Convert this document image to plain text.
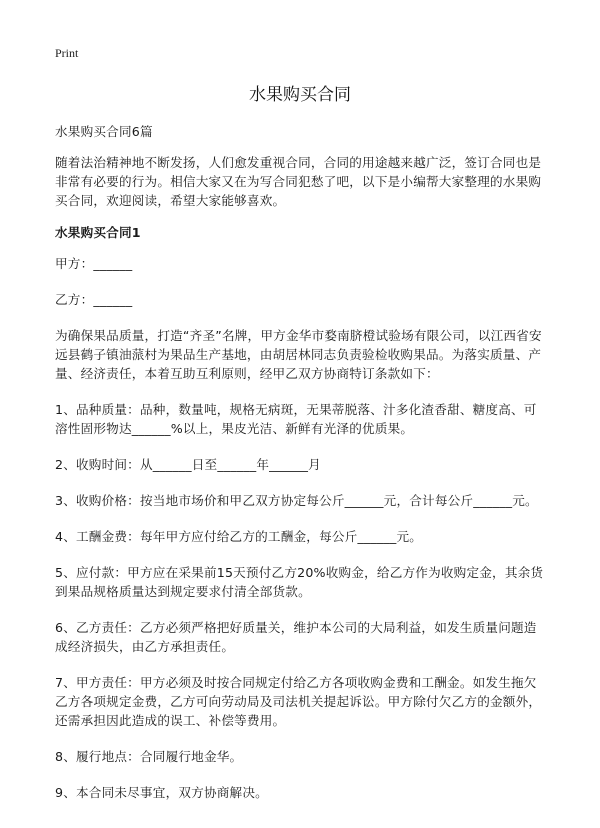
Print
水果购买合同

水果购买合同6篇

随着法治精神地不断发扬，人们愈发重视合同，合同的用途越来越广泛，签订合同也是非常有必要的行为。相信大家又在为写合同犯愁了吧，以下是小编帮大家整理的水果购买合同，欢迎阅读，希望大家能够喜欢。

水果购买合同1

甲方：______

乙方：______

为确保果品质量，打造“齐圣”名牌，甲方金华市婺南脐橙试验场有限公司，以江西省安远县鹤子镇油蒎村为果品生产基地，由胡居林同志负责验检收购果品。为落实质量、产量、经济责任，本着互助互利原则，经甲乙双方协商特订条款如下：

1、品种质量：品种，数量吨，规格无病斑，无果蒂脱落、汁多化渣香甜、糖度高、可溶性固形物达______%以上，果皮光洁、新鲜有光泽的优质果。

2、收购时间：从______日至______年______月

3、收购价格：按当地市场价和甲乙双方协定每公斤______元，合计每公斤______元。

4、工酬金费：每年甲方应付给乙方的工酬金，每公斤______元。

5、应付款：甲方应在采果前15天预付乙方20%收购金，给乙方作为收购定金，其余货到果品规格质量达到规定要求付清全部货款。

6、乙方责任：乙方必须严格把好质量关，维护本公司的大局利益，如发生质量问题造成经济损失，由乙方承担责任。

7、甲方责任：甲方必须及时按合同规定付给乙方各项收购金费和工酬金。如发生拖欠乙方各项规定金费，乙方可向劳动局及司法机关提起诉讼。甲方除付欠乙方的金额外，还需承担因此造成的误工、补偿等费用。

8、履行地点：合同履行地金华。

9、本合同未尽事宜，双方协商解决。
